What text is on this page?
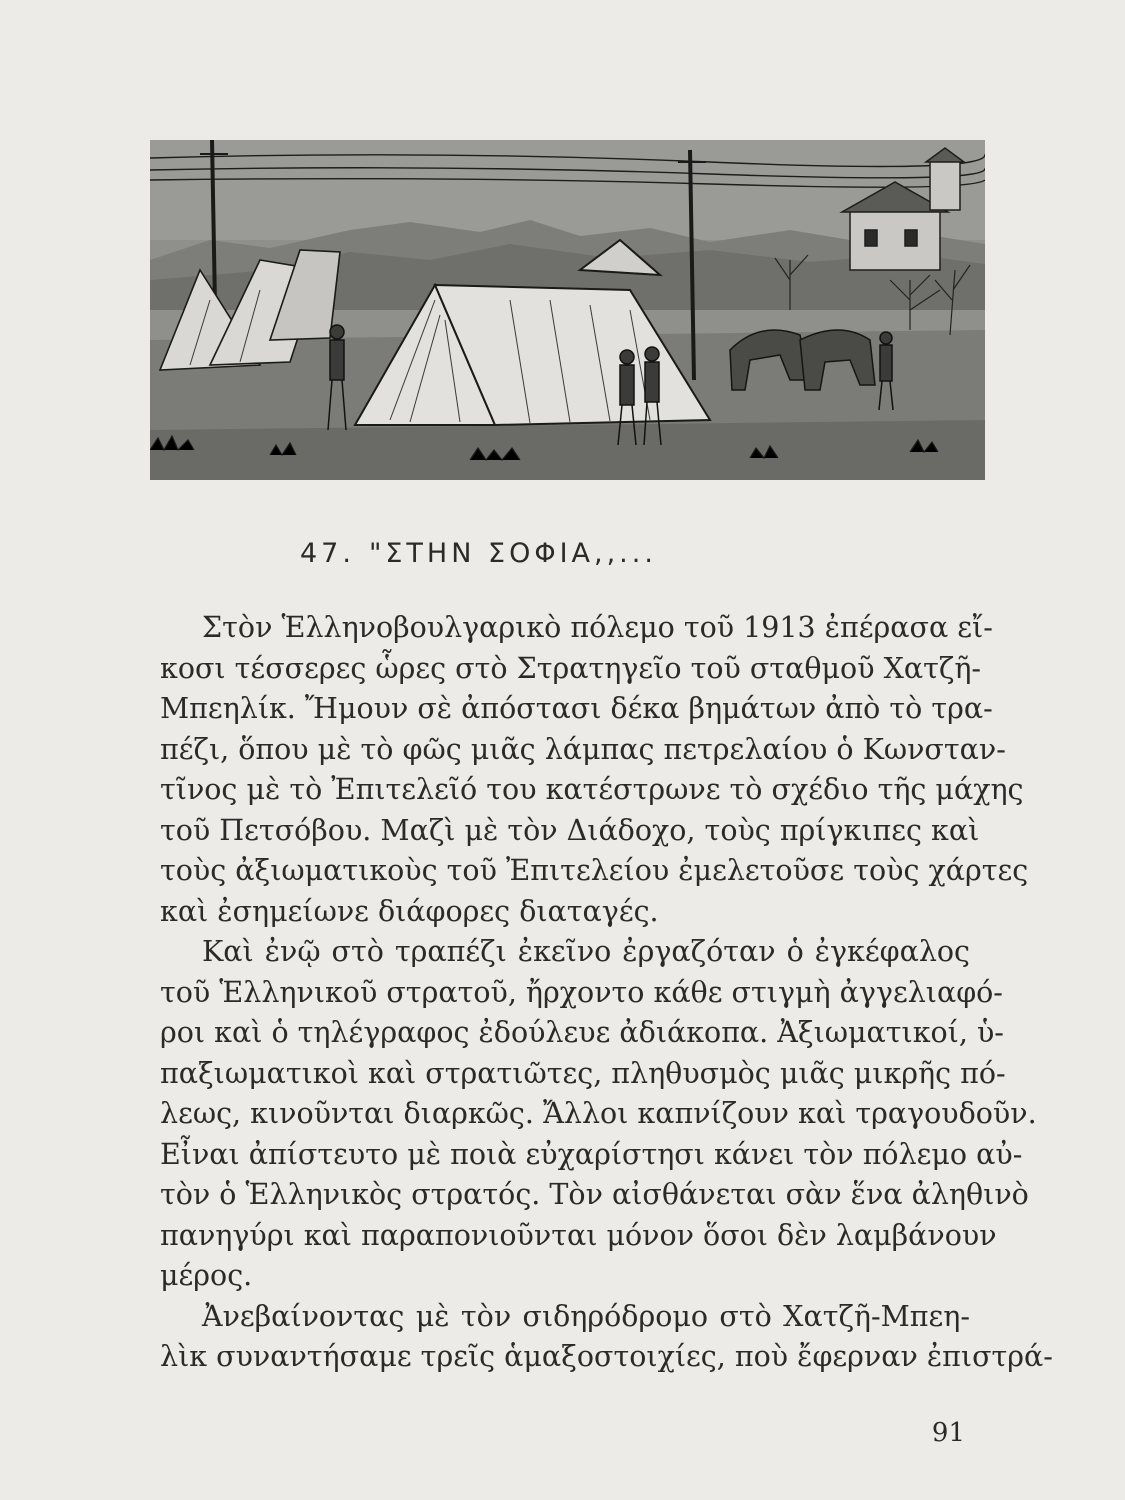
47. "ΣΤΗΝ ΣΟΦΙΑ,,...
Στὸν Ἑλληνοβουλγαρικὸ πόλεμο τοῦ 1913 ἐπέρασα εἴ-
κοσι τέσσερες ὧρες στὸ Στρατηγεῖο τοῦ σταθμοῦ Χατζῆ-
Μπεηλίκ. Ἤμουν σὲ ἀπόστασι δέκα βημάτων ἀπὸ τὸ τρα-
πέζι, ὅπου μὲ τὸ φῶς μιᾶς λάμπας πετρελαίου ὁ Κωνσταν-
τῖνος μὲ τὸ Ἐπιτελεῖό του κατέστρωνε τὸ σχέδιο τῆς μάχης
τοῦ Πετσόβου. Μαζὶ μὲ τὸν Διάδοχο, τοὺς πρίγκιπες καὶ
τοὺς ἀξιωματικοὺς τοῦ Ἐπιτελείου ἐμελετοῦσε τοὺς χάρτες
καὶ ἐσημείωνε διάφορες διαταγές.
Καὶ ἐνῷ στὸ τραπέζι ἐκεῖνο ἐργαζόταν ὁ ἐγκέφαλος
τοῦ Ἑλληνικοῦ στρατοῦ, ἤρχοντο κάθε στιγμὴ ἀγγελιαφό-
ροι καὶ ὁ τηλέγραφος ἐδούλευε ἀδιάκοπα. Ἀξιωματικοί, ὑ-
παξιωματικοὶ καὶ στρατιῶτες, πληθυσμὸς μιᾶς μικρῆς πό-
λεως, κινοῦνται διαρκῶς. Ἄλλοι καπνίζουν καὶ τραγουδοῦν.
Εἶναι ἀπίστευτο μὲ ποιὰ εὐχαρίστησι κάνει τὸν πόλεμο αὐ-
τὸν ὁ Ἑλληνικὸς στρατός. Τὸν αἰσθάνεται σὰν ἕνα ἀληθινὸ
πανηγύρι καὶ παραπονιοῦνται μόνον ὅσοι δὲν λαμβάνουν
μέρος.
Ἀνεβαίνοντας μὲ τὸν σιδηρόδρομο στὸ Χατζῆ-Μπεη-
λὶκ συναντήσαμε τρεῖς ἁμαξοστοιχίες, ποὺ ἔφερναν ἐπιστρά-
91
